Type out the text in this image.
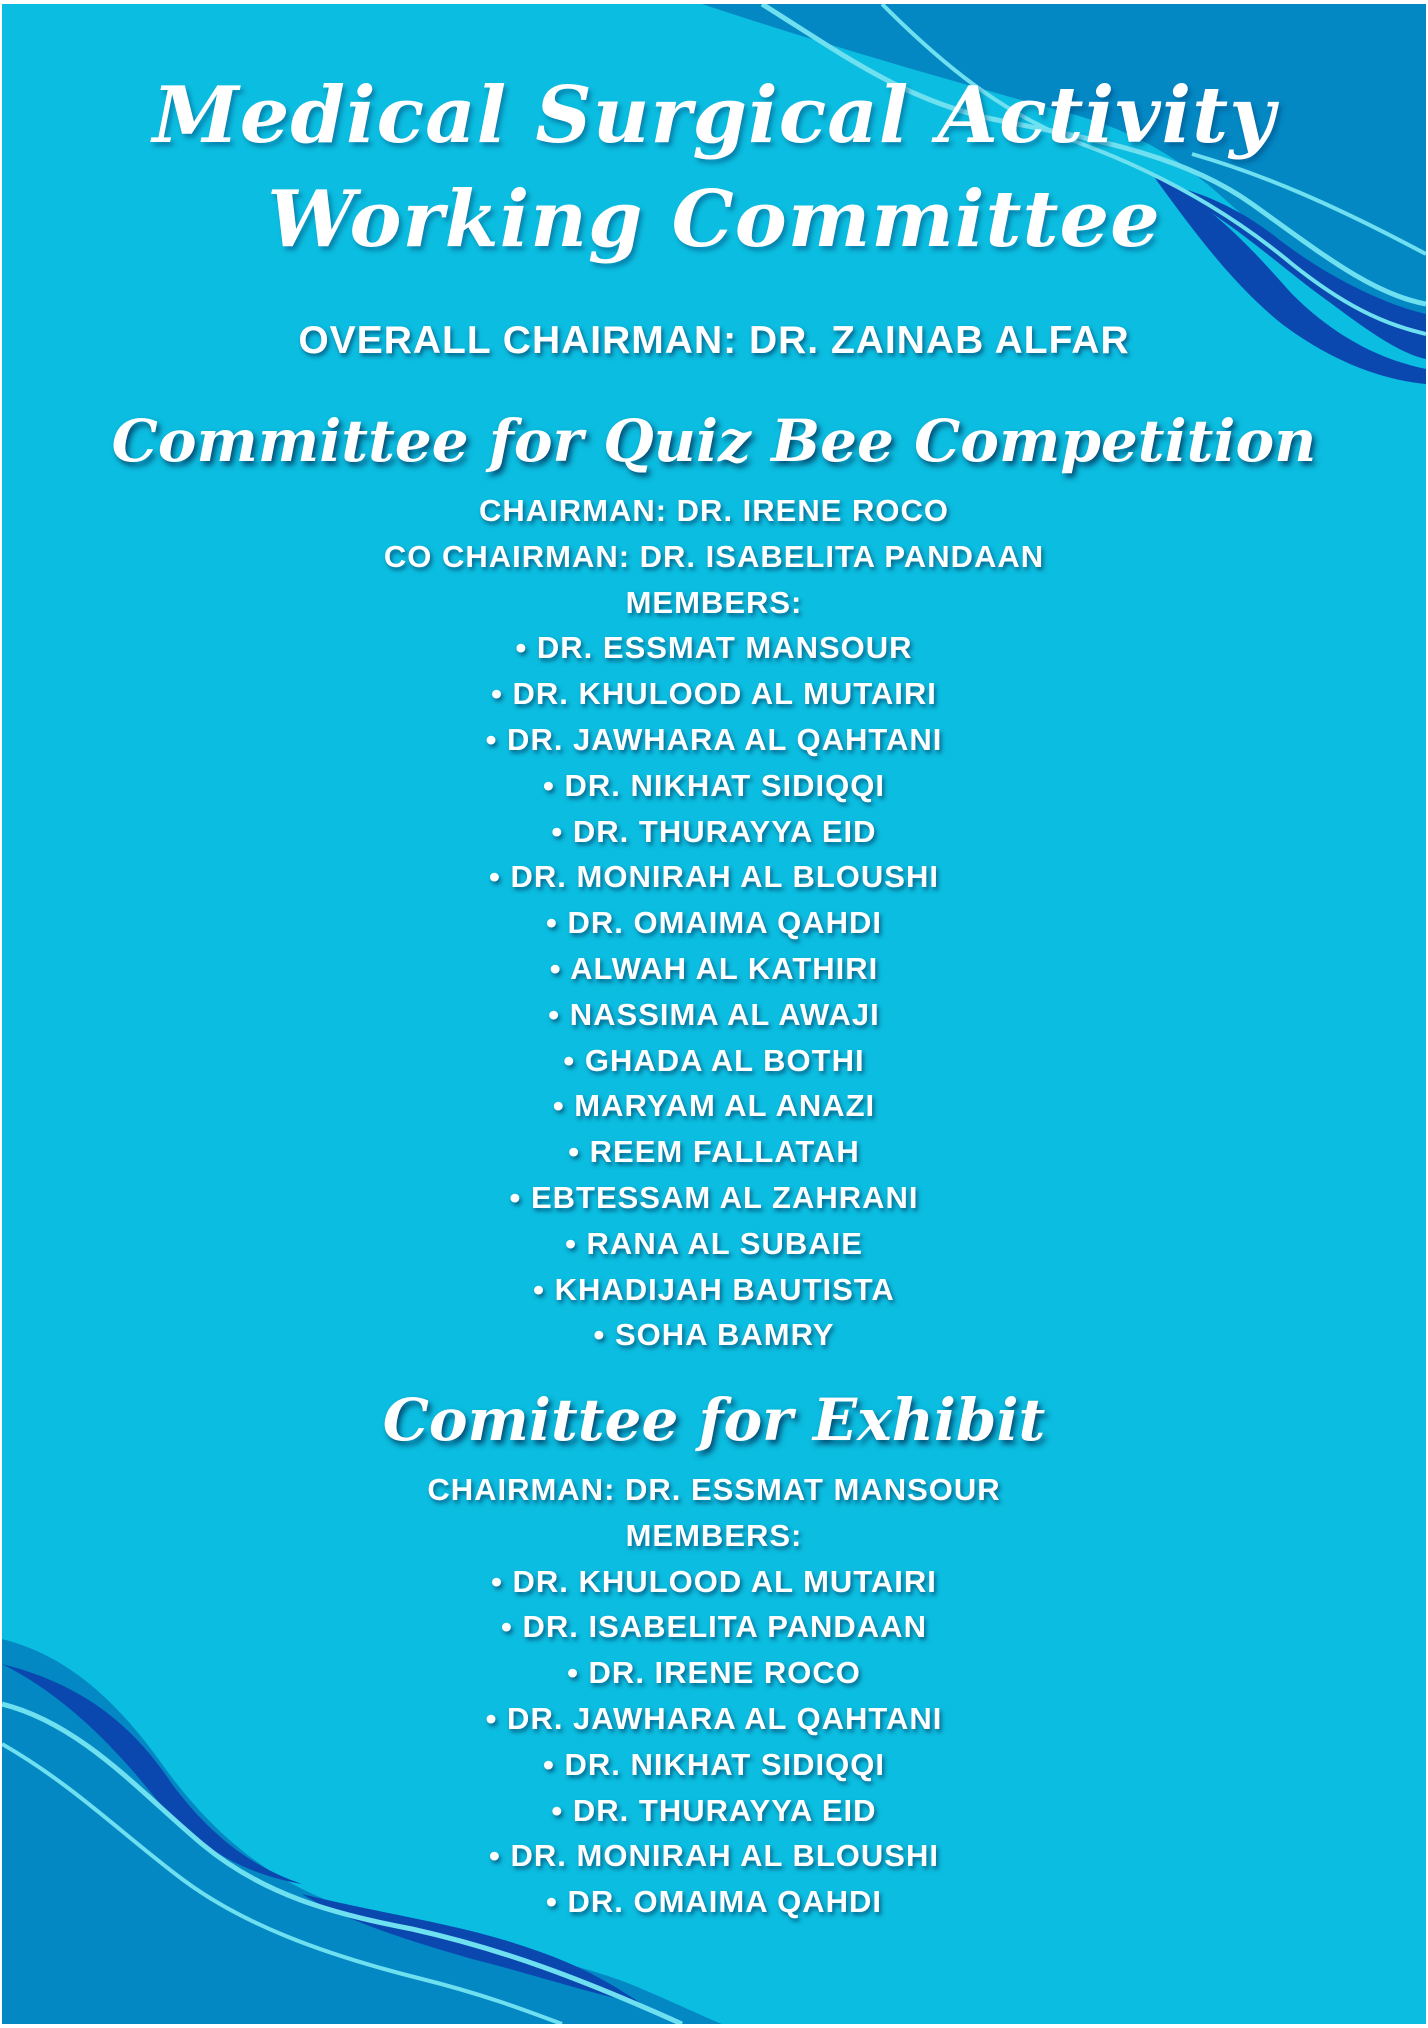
Medical Surgical Activity
Working Committee
OVERALL CHAIRMAN: DR. ZAINAB ALFAR
Committee for Quiz Bee Competition
CHAIRMAN: DR. IRENE ROCO
CO CHAIRMAN: DR. ISABELITA PANDAAN
MEMBERS:
• DR. ESSMAT MANSOUR
• DR. KHULOOD AL MUTAIRI
• DR. JAWHARA AL QAHTANI
• DR. NIKHAT SIDIQQI
• DR. THURAYYA EID
• DR. MONIRAH AL BLOUSHI
• DR. OMAIMA QAHDI
• ALWAH AL KATHIRI
• NASSIMA AL AWAJI
• GHADA AL BOTHI
• MARYAM AL ANAZI
• REEM FALLATAH
• EBTESSAM AL ZAHRANI
• RANA AL SUBAIE
• KHADIJAH BAUTISTA
• SOHA BAMRY
Comittee for Exhibit
CHAIRMAN: DR. ESSMAT MANSOUR
MEMBERS:
• DR. KHULOOD AL MUTAIRI
• DR. ISABELITA PANDAAN
• DR. IRENE ROCO
• DR. JAWHARA AL QAHTANI
• DR. NIKHAT SIDIQQI
• DR. THURAYYA EID
• DR. MONIRAH AL BLOUSHI
• DR. OMAIMA QAHDI
